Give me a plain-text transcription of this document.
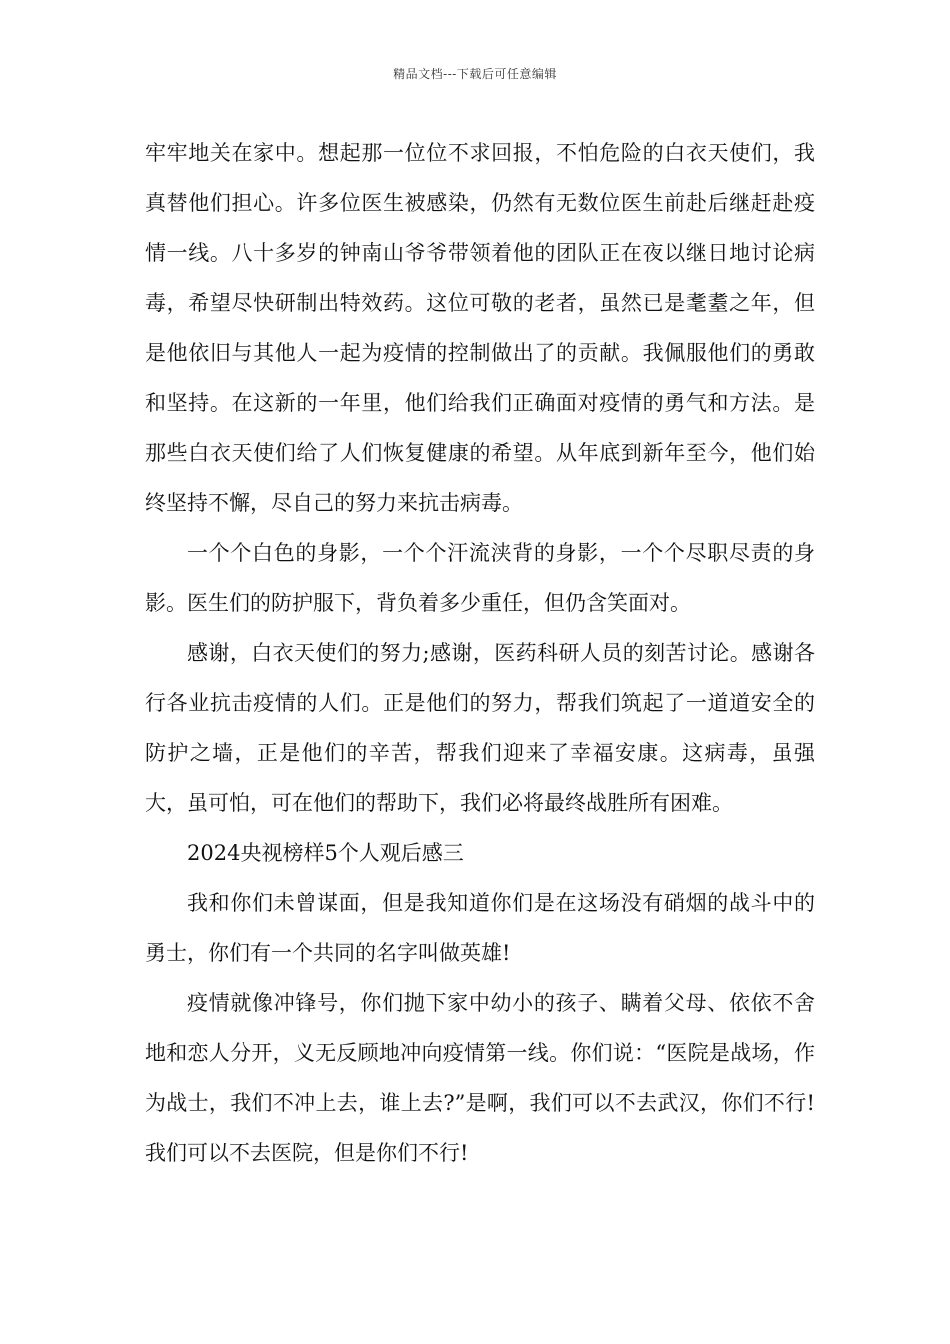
精品文档---下载后可任意编辑

牢牢地关在家中。想起那一位位不求回报，不怕危险的白衣天使们，我真替他们担心。许多位医生被感染，仍然有无数位医生前赴后继赶赴疫情一线。八十多岁的钟南山爷爷带领着他的团队正在夜以继日地讨论病毒，希望尽快研制出特效药。这位可敬的老者，虽然已是耄耋之年，但是他依旧与其他人一起为疫情的控制做出了的贡献。我佩服他们的勇敢和坚持。在这新的一年里，他们给我们正确面对疫情的勇气和方法。是那些白衣天使们给了人们恢复健康的希望。从年底到新年至今，他们始终坚持不懈，尽自己的努力来抗击病毒。

一个个白色的身影，一个个汗流浃背的身影，一个个尽职尽责的身影。医生们的防护服下，背负着多少重任，但仍含笑面对。

感谢，白衣天使们的努力;感谢，医药科研人员的刻苦讨论。感谢各行各业抗击疫情的人们。正是他们的努力，帮我们筑起了一道道安全的防护之墙，正是他们的辛苦，帮我们迎来了幸福安康。这病毒，虽强大，虽可怕，可在他们的帮助下，我们必将最终战胜所有困难。

2024央视榜样5个人观后感三

我和你们未曾谋面，但是我知道你们是在这场没有硝烟的战斗中的勇士，你们有一个共同的名字叫做英雄!

疫情就像冲锋号，你们抛下家中幼小的孩子、瞒着父母、依依不舍地和恋人分开，义无反顾地冲向疫情第一线。你们说：“医院是战场，作为战士，我们不冲上去，谁上去?”是啊，我们可以不去武汉，你们不行!我们可以不去医院，但是你们不行!
